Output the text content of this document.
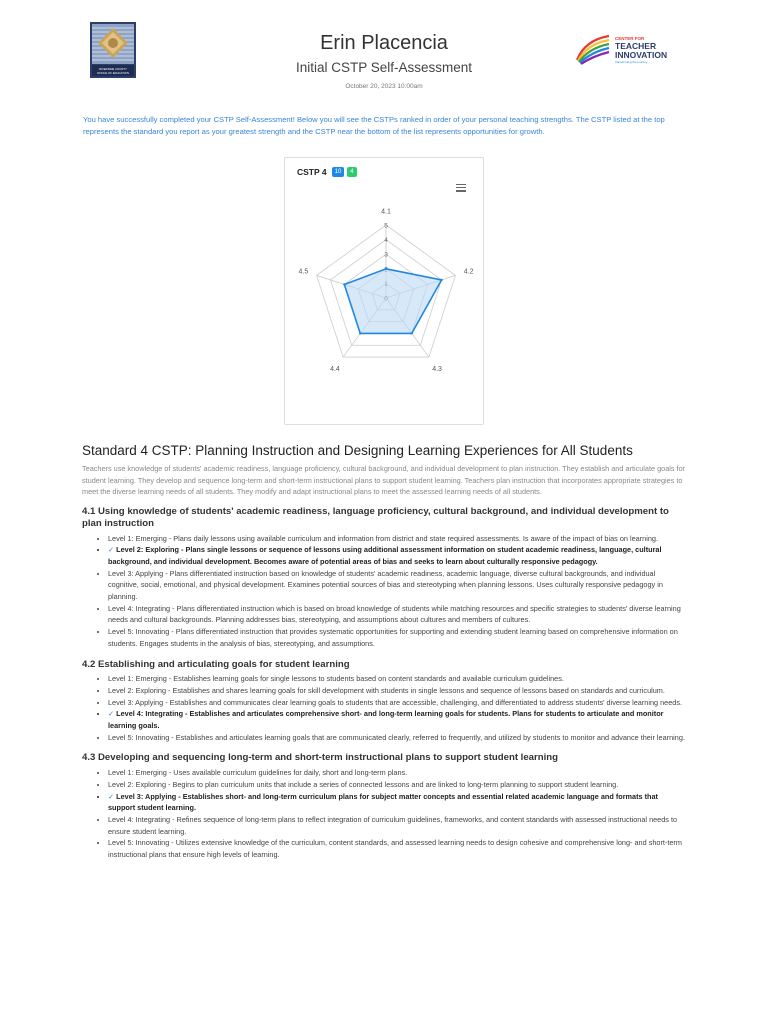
RIVERSIDE COUNTY
OFFICE OF EDUCATION
Erin Placencia
Initial CSTP Self-Assessment
October 20, 2023 10:00am
CENTER FOR
TEACHER
INNOVATION
transforming the journey

You have successfully completed your CSTP Self-Assessment! Below you will see the CSTPs ranked in order of your personal teaching strengths. The CSTP listed at the top represents the standard you report as your greatest strength and the CSTP near the bottom of the list represents opportunities for growth.

CSTP 4	10	4
3
4
5
4.1
4.2
4.3
4.4
4.5
Standard 4 CSTP: Planning Instruction and Designing Learning Experiences for All Students

Teachers use knowledge of students' academic readiness, language proficiency, cultural background, and individual development to plan instruction. They establish and articulate goals for student learning. They develop and sequence long-term and short-term instructional plans to support student learning. Teachers plan instruction that incorporates appropriate strategies to meet the diverse learning needs of all students. They modify and adapt instructional plans to meet the assessed learning needs of all students.

4.1 Using knowledge of students' academic readiness, language proficiency, cultural background, and individual development to plan instruction
• Level 1: Emerging - Plans daily lessons using available curriculum and information from district and state required assessments. Is aware of the impact of bias on learning.
• ✓ Level 2: Exploring - Plans single lessons or sequence of lessons using additional assessment information on student academic readiness, language, cultural background, and individual development. Becomes aware of potential areas of bias and seeks to learn about culturally responsive pedagogy.
• Level 3: Applying - Plans differentiated instruction based on knowledge of students' academic readiness, academic language, diverse cultural backgrounds, and individual cognitive, social, emotional, and physical development. Examines potential sources of bias and stereotyping when planning lessons. Uses culturally responsive pedagogy in planning.
• Level 4: Integrating - Plans differentiated instruction which is based on broad knowledge of students while matching resources and specific strategies to students' diverse learning needs and cultural backgrounds. Planning addresses bias, stereotyping, and assumptions about cultures and members of cultures.
• Level 5: Innovating - Plans differentiated instruction that provides systematic opportunities for supporting and extending student learning based on comprehensive information on students. Engages students in the analysis of bias, stereotyping, and assumptions.
4.2 Establishing and articulating goals for student learning
• Level 1: Emerging - Establishes learning goals for single lessons to students based on content standards and available curriculum guidelines.
• Level 2: Exploring - Establishes and shares learning goals for skill development with students in single lessons and sequence of lessons based on standards and curriculum.
• Level 3: Applying - Establishes and communicates clear learning goals to students that are accessible, challenging, and differentiated to address students' diverse learning needs.
• ✓ Level 4: Integrating - Establishes and articulates comprehensive short- and long-term learning goals for students. Plans for students to articulate and monitor learning goals.
• Level 5: Innovating - Establishes and articulates learning goals that are communicated clearly, referred to frequently, and utilized by students to monitor and advance their learning.
4.3 Developing and sequencing long-term and short-term instructional plans to support student learning
• Level 1: Emerging - Uses available curriculum guidelines for daily, short and long-term plans.
• Level 2: Exploring - Begins to plan curriculum units that include a series of connected lessons and are linked to long-term planning to support student learning.
• ✓ Level 3: Applying - Establishes short- and long-term curriculum plans for subject matter concepts and essential related academic language and formats that support student learning.
• Level 4: Integrating - Refines sequence of long-term plans to reflect integration of curriculum guidelines, frameworks, and content standards with assessed instructional needs to ensure student learning.
• Level 5: Innovating - Utilizes extensive knowledge of the curriculum, content standards, and assessed learning needs to design cohesive and comprehensive long- and short-term instructional plans that ensure high levels of learning.
